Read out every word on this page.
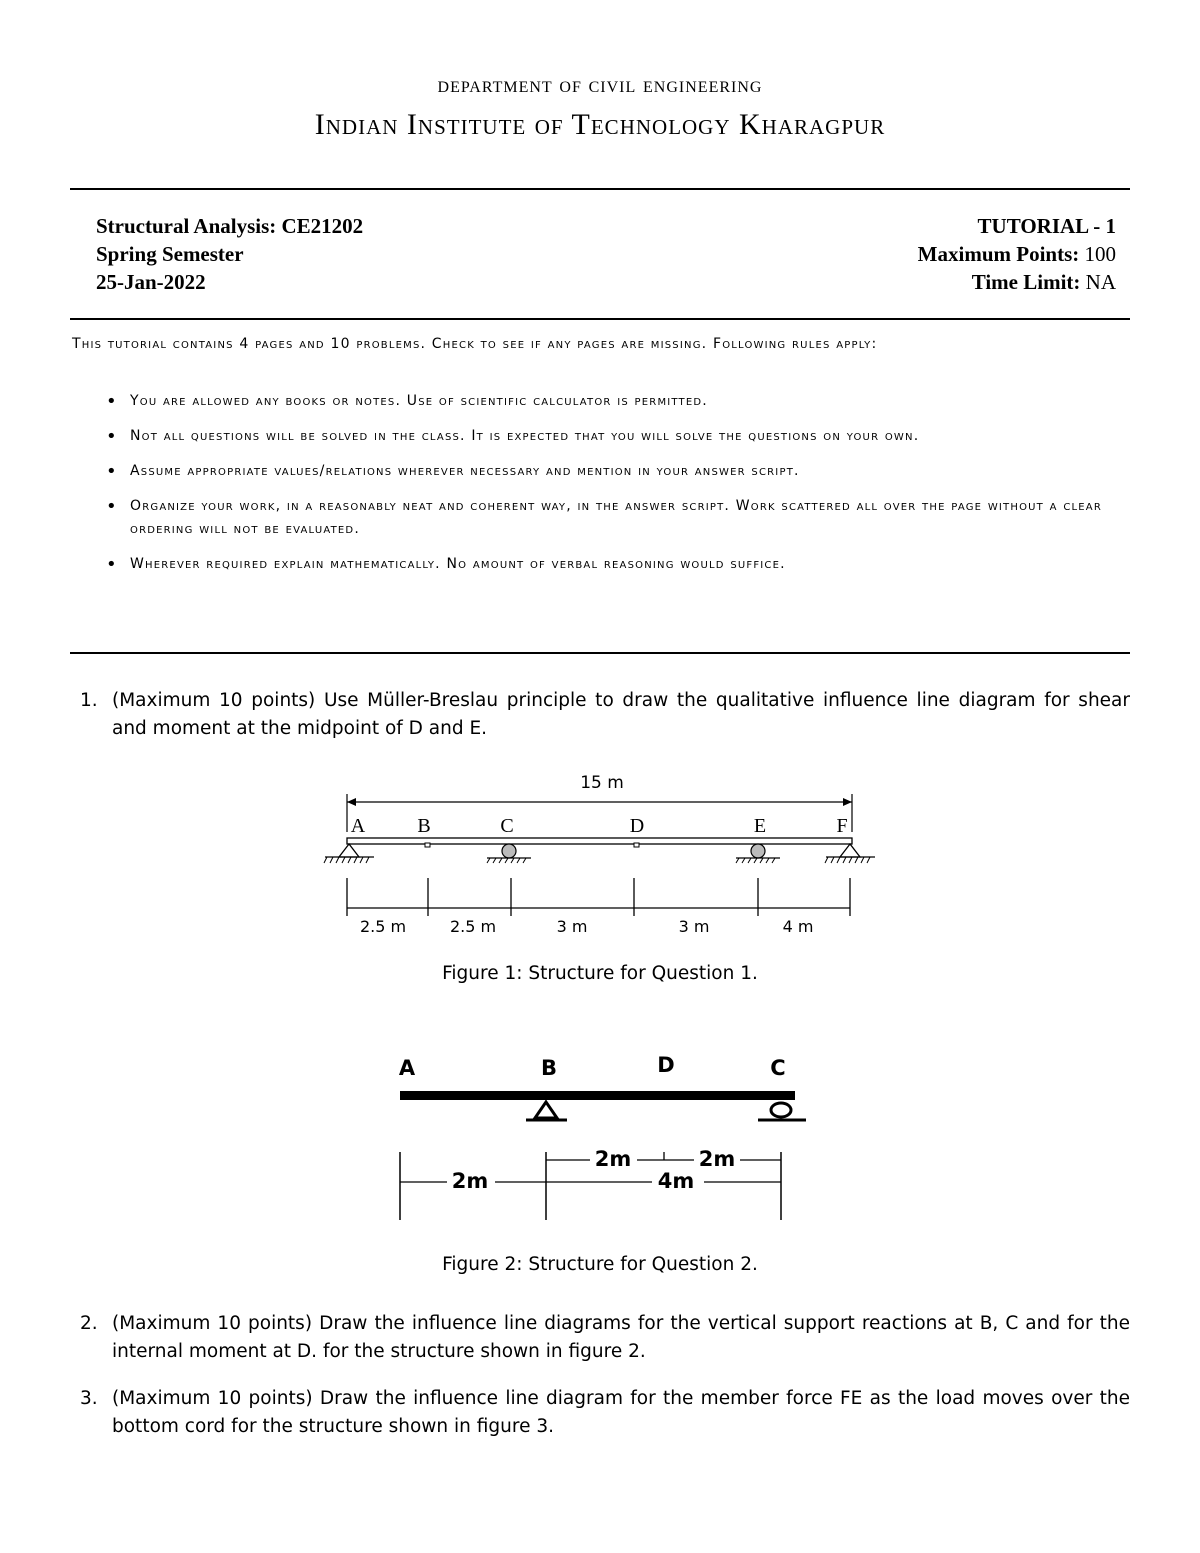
department of civil engineering
Indian Institute of Technology Kharagpur
Structural Analysis: CE21202
Spring Semester
25-Jan-2022
TUTORIAL - 1
Maximum Points: 100
Time Limit: NA
This tutorial contains 4 pages and 10 problems. Check to see if any pages are missing. Following rules apply:
• You are allowed any books or notes. Use of scientific calculator is permitted.
• Not all questions will be solved in the class. It is expected that you will solve the questions on your own.
• Assume appropriate values/relations wherever necessary and mention in your answer script.
• Organize your work, in a reasonably neat and coherent way, in the answer script. Work scattered all over the page without a clear ordering will not be evaluated.
• Wherever required explain mathematically. No amount of verbal reasoning would suffice.
1. (Maximum 10 points) Use Müller-Breslau principle to draw the qualitative influence line diagram for shear and moment at the midpoint of D and E.
15 m
A	B	C	D	E	F
2.5 m	2.5 m	3 m	3 m	4 m
Figure 1: Structure for Question 1.
A	B	D	C
2m	2m
2m	4m
Figure 2: Structure for Question 2.
2. (Maximum 10 points) Draw the influence line diagrams for the vertical support reactions at B, C and for the internal moment at D. for the structure shown in figure 2.
3. (Maximum 10 points) Draw the influence line diagram for the member force FE as the load moves over the bottom cord for the structure shown in figure 3.
